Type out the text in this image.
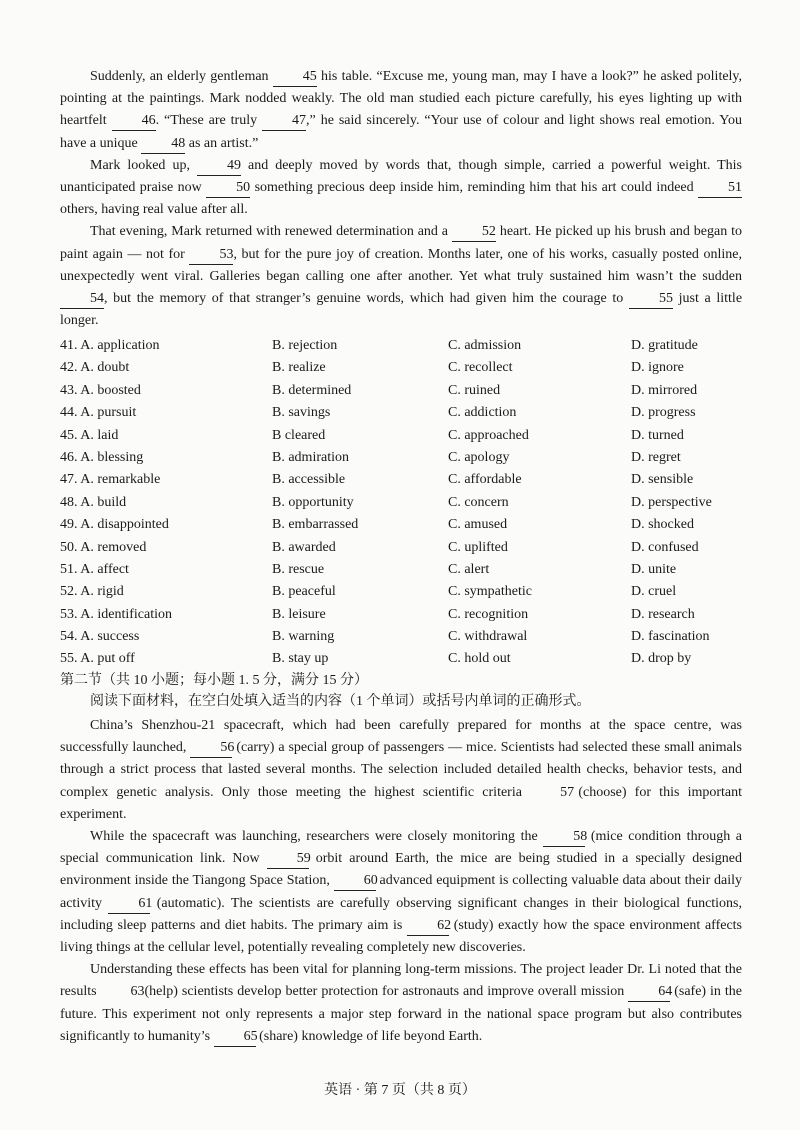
Suddenly, an elderly gentleman 45 his table. “Excuse me, young man, may I have a look?” he asked politely, pointing at the paintings. Mark nodded weakly. The old man studied each picture carefully, his eyes lighting up with heartfelt 46. “These are truly 47,” he said sincerely. “Your use of colour and light shows real emotion. You have a unique 48 as an artist.”

Mark looked up,	49 and deeply moved by words that, though simple, carried a powerful weight. This unanticipated praise now 50 something precious deep inside him, reminding him that his art could indeed 51 others, having real value after all.

That evening, Mark returned with renewed determination and a 52 heart. He picked up his brush and began to paint again — not for 53, but for the pure joy of creation. Months later, one of his works, casually posted online, unexpectedly went viral. Galleries began calling one after another. Yet what truly sustained him wasn’t the sudden 54, but the memory of that stranger’s genuine words, which had given him the courage to	55 just a little longer.

41. A. application	B. rejection	C. admission	D. gratitude
42. A. doubt	B. realize	C. recollect	D. ignore
43. A. boosted	B. determined	C. ruined	D. mirrored
44. A. pursuit	B. savings	C. addiction	D. progress
45. A. laid	B cleared	C. approached	D. turned
46. A. blessing	B. admiration	C. apology	D. regret
47. A. remarkable	B. accessible	C. affordable	D. sensible
48. A. build	B. opportunity	C. concern	D. perspective
49. A. disappointed	B. embarrassed	C. amused	D. shocked
50. A. removed	B. awarded	C. uplifted	D. confused
51. A. affect	B. rescue	C. alert	D. unite
52. A. rigid	B. peaceful	C. sympathetic	D. cruel
53. A. identification	B. leisure	C. recognition	D. research
54. A. success	B. warning	C. withdrawal	D. fascination
55. A. put off	B. stay up	C. hold out	D. drop by
第二节（共 10 小题；每小题 1. 5 分，满分 15 分）
阅读下面材料，在空白处填入适当的内容（1 个单词）或括号内单词的正确形式。

China’s Shenzhou-21 spacecraft, which had been carefully prepared for months at the space centre, was successfully launched, 56 (carry) a special group of passengers — mice. Scientists had selected these small animals through a strict process that lasted several months. The selection included detailed health checks, behavior tests, and complex genetic analysis. Only those meeting the highest scientific criteria	57 (choose) for this important experiment.

While the spacecraft was launching, researchers were closely monitoring the	58 (mice condition through a special communication link. Now	59 orbit around Earth, the mice are being studied in a specially designed environment inside the Tiangong Space Station, 60 advanced equipment is collecting valuable data about their daily activity	61 (automatic). The scientists are carefully observing significant changes in their biological functions, including sleep patterns and diet habits. The primary aim is 62 (study) exactly how the space environment affects living things at the cellular level, potentially revealing completely new discoveries.

Understanding these effects has been vital for planning long-term missions. The project leader Dr. Li noted that the results 63 (help) scientists develop better protection for astronauts and improve overall mission 64 (safe) in the future. This experiment not only represents a major step forward in the national space program but also contributes significantly to humanity’s 65 (share) knowledge of life beyond Earth.

英语 · 第 7 页（共 8 页）
